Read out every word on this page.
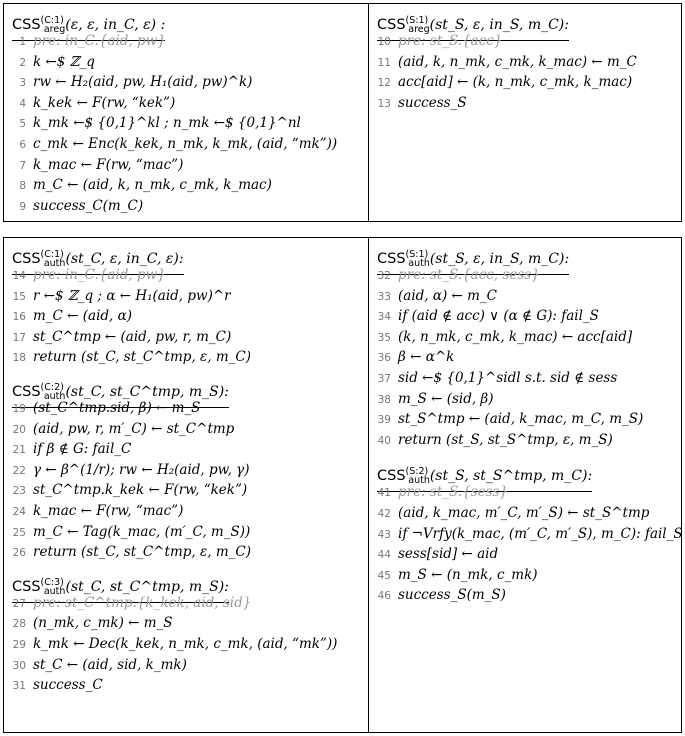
$CSS^{(C:1)}_{areg}(\varepsilon$, ε, in_C, ε) :
1 pre: in_C.{aid, pw}
2 k ←$ ℤ_q
3 rw ← H₂(aid, pw, H₁(aid, pw)^k)
4 k_kek ← F(rw, “kek”)
5 k_mk ←$ {0,1}^kl ; n_mk ←$ {0,1}^nl
6 c_mk ← Enc(k_kek, n_mk, k_mk, (aid, “mk”))
7 k_mac ← F(rw, “mac”)
8 m_C ← (aid, k, n_mk, c_mk, k_mac)
9 success_C(m_C)
$CSS^{(S:1)}_{areg}(st\_S$, ε, in_S, m_C):
10 pre: st_S.{acc}
11 (aid, k, n_mk, c_mk, k_mac) ← m_C
12 acc[aid] ← (k, n_mk, c_mk, k_mac)
13 success_S
$CSS^{(C:1)}_{auth}(st\_C$, ε, in_C, ε):
14 pre: in_C.{aid, pw}
15 r ←$ ℤ_q ; α ← H₁(aid, pw)^r
16 m_C ← (aid, α)
17 st_C^tmp ← (aid, pw, r, m_C)
18 return (st_C, st_C^tmp, ε, m_C)
$CSS^{(C:2)}_{auth}(st\_C$, st_C^tmp, m_S):
19 (st_C^tmp.sid, β) ← m_S
20 (aid, pw, r, m′_C) ← st_C^tmp
21 if β ∉ G: fail_C
22 γ ← β^(1/r); rw ← H₂(aid, pw, γ)
23 st_C^tmp.k_kek ← F(rw, “kek”)
24 k_mac ← F(rw, “mac”)
25 m_C ← Tag(k_mac, (m′_C, m_S))
26 return (st_C, st_C^tmp, ε, m_C)
$CSS^{(C:3)}_{auth}(st\_C$, st_C^tmp, m_S):
27 pre: st_C^tmp.{k_kek, aid, sid}
28 (n_mk, c_mk) ← m_S
29 k_mk ← Dec(k_kek, n_mk, c_mk, (aid, “mk”))
30 st_C ← (aid, sid, k_mk)
31 success_C
$CSS^{(S:1)}_{auth}(st\_S$, ε, in_S, m_C):
32 pre: st_S.{acc, sess}
33 (aid, α) ← m_C
34 if (aid ∉ acc) ∨ (α ∉ G): fail_S
35 (k, n_mk, c_mk, k_mac) ← acc[aid]
36 β ← α^k
37 sid ←$ {0,1}^sidl s.t. sid ∉ sess
38 m_S ← (sid, β)
39 st_S^tmp ← (aid, k_mac, m_C, m_S)
40 return (st_S, st_S^tmp, ε, m_S)
$CSS^{(S:2)}_{auth}(st\_S$, st_S^tmp, m_C):
41 pre: st_S.{sess}
42 (aid, k_mac, m′_C, m′_S) ← st_S^tmp
43 if ¬Vrfy(k_mac, (m′_C, m′_S), m_C): fail_S
44 sess[sid] ← aid
45 m_S ← (n_mk, c_mk)
46 success_S(m_S)
